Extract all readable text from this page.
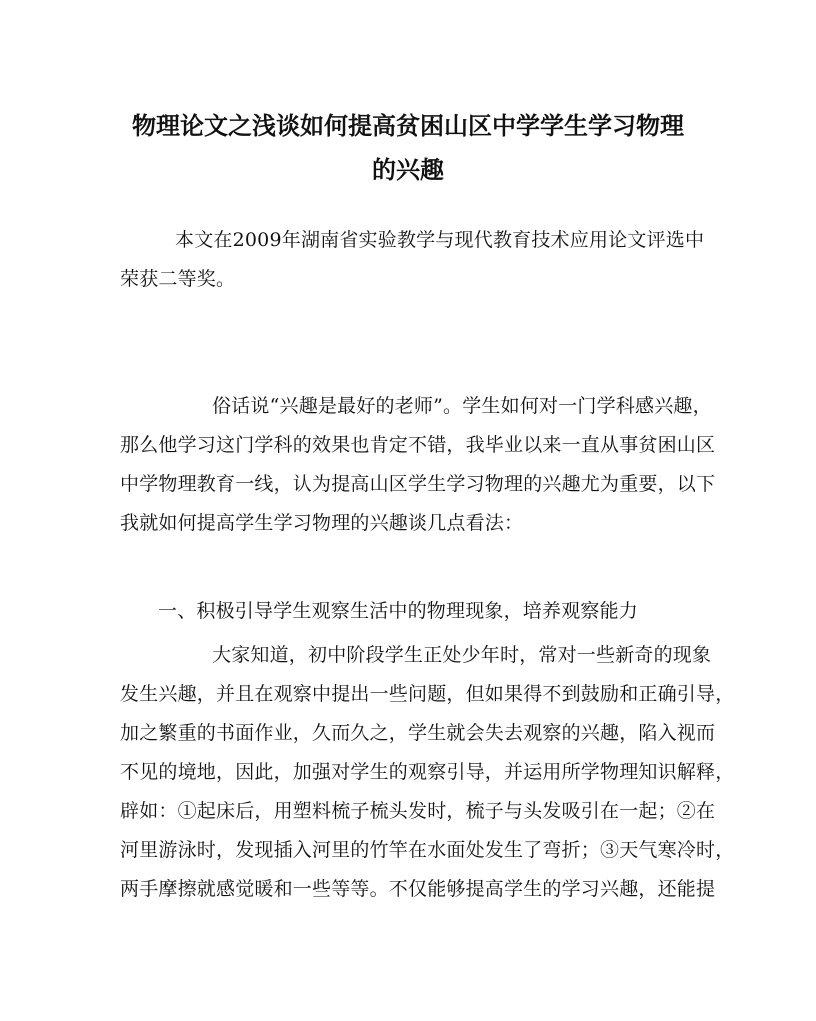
物理论文之浅谈如何提高贫困山区中学学生学习物理
的兴趣

本文在2009年湖南省实验教学与现代教育技术应用论文评选中

荣获二等奖。

俗话说“兴趣是最好的老师”。学生如何对一门学科感兴趣，

那么他学习这门学科的效果也肯定不错，我毕业以来一直从事贫困山区

中学物理教育一线，认为提高山区学生学习物理的兴趣尤为重要，以下

我就如何提高学生学习物理的兴趣谈几点看法：

一、积极引导学生观察生活中的物理现象，培养观察能力

大家知道，初中阶段学生正处少年时，常对一些新奇的现象

发生兴趣，并且在观察中提出一些问题，但如果得不到鼓励和正确引导，

加之繁重的书面作业，久而久之，学生就会失去观察的兴趣，陷入视而

不见的境地，因此，加强对学生的观察引导，并运用所学物理知识解释，

辟如：①起床后，用塑料梳子梳头发时，梳子与头发吸引在一起；②在

河里游泳时，发现插入河里的竹竿在水面处发生了弯折；③天气寒冷时，

两手摩擦就感觉暖和一些等等。不仅能够提高学生的学习兴趣，还能提
